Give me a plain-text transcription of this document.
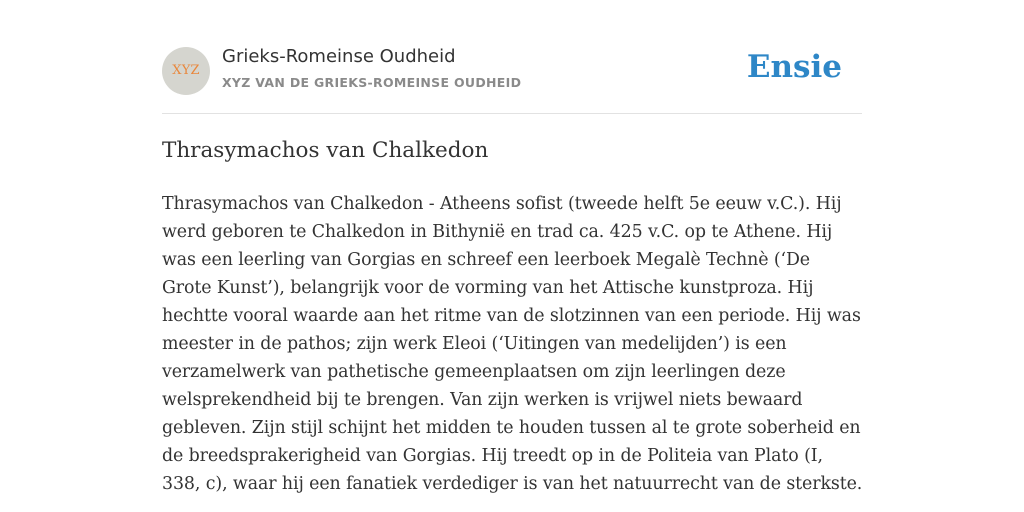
XYZ
Grieks-Romeinse Oudheid
XYZ VAN DE GRIEKS-ROMEINSE OUDHEID	Ensie
Thrasymachos van Chalkedon

Thrasymachos van Chalkedon - Atheens sofist (tweede helft 5e eeuw v.C.). Hij werd geboren te Chalkedon in Bithynië en trad ca. 425 v.C. op te Athene. Hij was een leerling van Gorgias en schreef een leerboek Megalè Technè (‘De Grote Kunst’), belangrijk voor de vorming van het Attische kunstproza. Hij hechtte vooral waarde aan het ritme van de slotzinnen van een periode. Hij was meester in de pathos; zijn werk Eleoi (‘Uitingen van medelijden’) is een verzamelwerk van pathetische gemeenplaatsen om zijn leerlingen deze welsprekendheid bij te brengen. Van zijn werken is vrijwel niets bewaard gebleven. Zijn stijl schijnt het midden te houden tussen al te grote soberheid en de breedsprakerigheid van Gorgias. Hij treedt op in de Politeia van Plato (I, 338, c), waar hij een fanatiek verdediger is van het natuurrecht van de sterkste.
